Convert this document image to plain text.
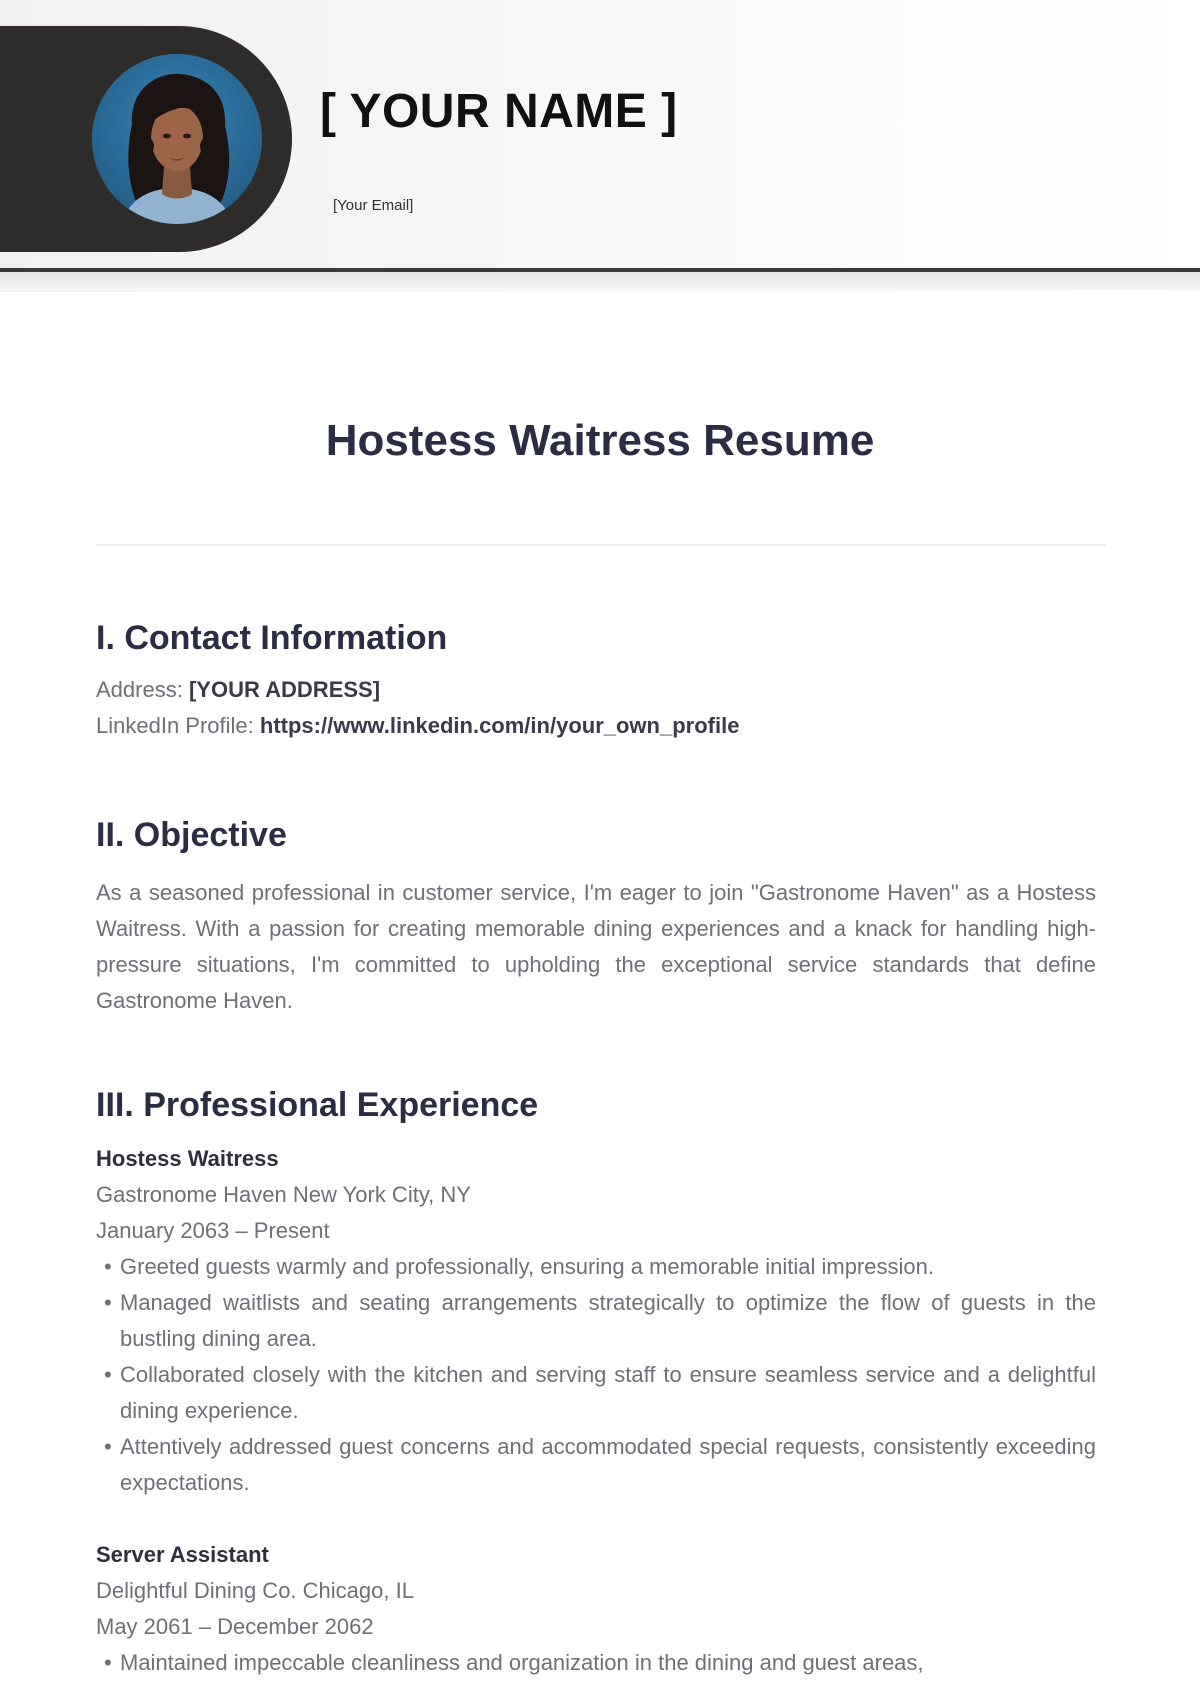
[ YOUR NAME ]
[Your Email]
Hostess Waitress Resume
I. Contact Information
Address: [YOUR ADDRESS]
LinkedIn Profile: https://www.linkedin.com/in/your_own_profile
II. Objective

As a seasoned professional in customer service, I'm eager to join "Gastronome Haven" as a Hostess Waitress. With a passion for creating memorable dining experiences and a knack for handling high-pressure situations, I'm committed to upholding the exceptional service standards that define Gastronome Haven.

III. Professional Experience
Hostess Waitress
Gastronome Haven New York City, NY
January 2063 – Present
• Greeted guests warmly and professionally, ensuring a memorable initial impression.
• Managed waitlists and seating arrangements strategically to optimize the flow of guests in the bustling dining area.
• Collaborated closely with the kitchen and serving staff to ensure seamless service and a delightful dining experience.
• Attentively addressed guest concerns and accommodated special requests, consistently exceeding expectations.
Server Assistant
Delightful Dining Co. Chicago, IL
May 2061 – December 2062
• Maintained impeccable cleanliness and organization in the dining and guest areas,
